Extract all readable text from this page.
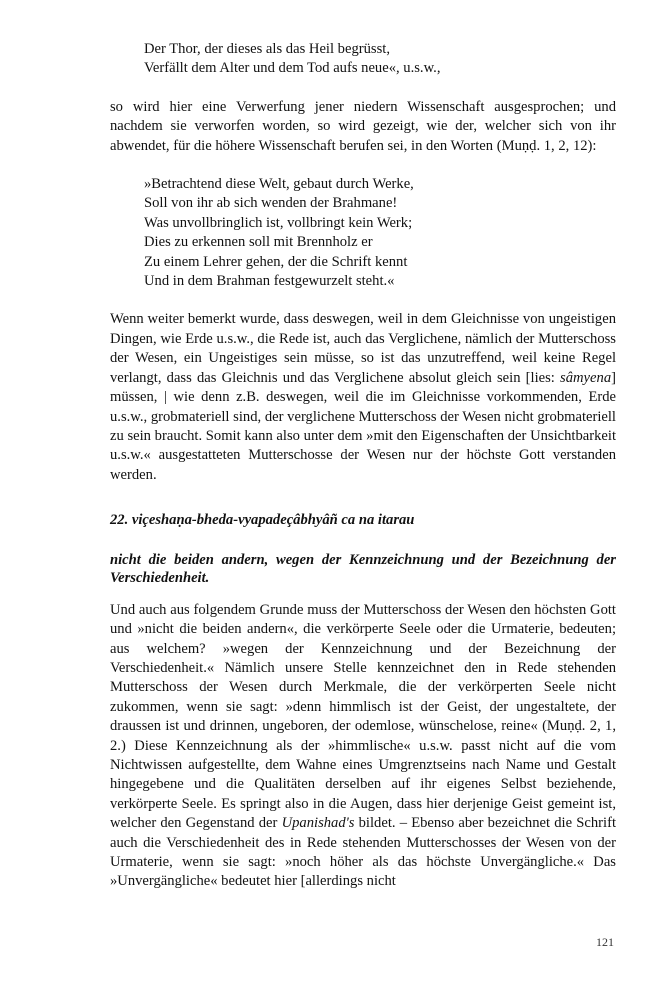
Der Thor, der dieses als das Heil begrüsst,
Verfällt dem Alter und dem Tod aufs neue«, u.s.w.,

so wird hier eine Verwerfung jener niedern Wissenschaft ausgesprochen; und nachdem sie verworfen worden, so wird gezeigt, wie der, welcher sich von ihr abwendet, für die höhere Wissenschaft berufen sei, in den Worten (Muṇḍ. 1, 2, 12):

»Betrachtend diese Welt, gebaut durch Werke,
Soll von ihr ab sich wenden der Brahmane!
Was unvollbringlich ist, vollbringt kein Werk;
Dies zu erkennen soll mit Brennholz er
Zu einem Lehrer gehen, der die Schrift kennt
Und in dem Brahman festgewurzelt steht.«

Wenn weiter bemerkt wurde, dass deswegen, weil in dem Gleichnisse von ungeistigen Dingen, wie Erde u.s.w., die Rede ist, auch das Verglichene, nämlich der Mutterschoss der Wesen, ein Ungeistiges sein müsse, so ist das unzutreffend, weil keine Regel verlangt, dass das Gleichnis und das Verglichene absolut gleich sein [lies: sâmyena] müssen, | wie denn z.B. deswegen, weil die im Gleichnisse vorkommenden, Erde u.s.w., grobmateriell sind, der verglichene Mutterschoss der Wesen nicht grobmateriell zu sein braucht. Somit kann also unter dem »mit den Eigenschaften der Unsichtbarkeit u.s.w.« ausgestatteten Mutterschosse der Wesen nur der höchste Gott verstanden werden.

22. viçeshaṇa-bheda-vyapadeçâbhyâñ ca na itarau

nicht die beiden andern, wegen der Kennzeichnung und der Bezeichnung der Verschiedenheit.

Und auch aus folgendem Grunde muss der Mutterschoss der Wesen den höchsten Gott und »nicht die beiden andern«, die verkörperte Seele oder die Urmaterie, bedeuten; aus welchem? »wegen der Kennzeichnung und der Bezeichnung der Verschiedenheit.« Nämlich unsere Stelle kennzeichnet den in Rede stehenden Mutterschoss der Wesen durch Merkmale, die der verkörperten Seele nicht zukommen, wenn sie sagt: »denn himmlisch ist der Geist, der ungestaltete, der draussen ist und drinnen, ungeboren, der odemlose, wünschelose, reine« (Muṇḍ. 2, 1, 2.) Diese Kennzeichnung als der »himmlische« u.s.w. passt nicht auf die vom Nichtwissen aufgestellte, dem Wahne eines Umgrenztseins nach Name und Gestalt hingegebene und die Qualitäten derselben auf ihr eigenes Selbst beziehende, verkörperte Seele. Es springt also in die Augen, dass hier derjenige Geist gemeint ist, welcher den Gegenstand der Upanishad's bildet. – Ebenso aber bezeichnet die Schrift auch die Verschiedenheit des in Rede stehenden Mutterschosses der Wesen von der Urmaterie, wenn sie sagt: »noch höher als das höchste Unvergängliche.« Das »Unvergängliche« bedeutet hier [allerdings nicht

121
